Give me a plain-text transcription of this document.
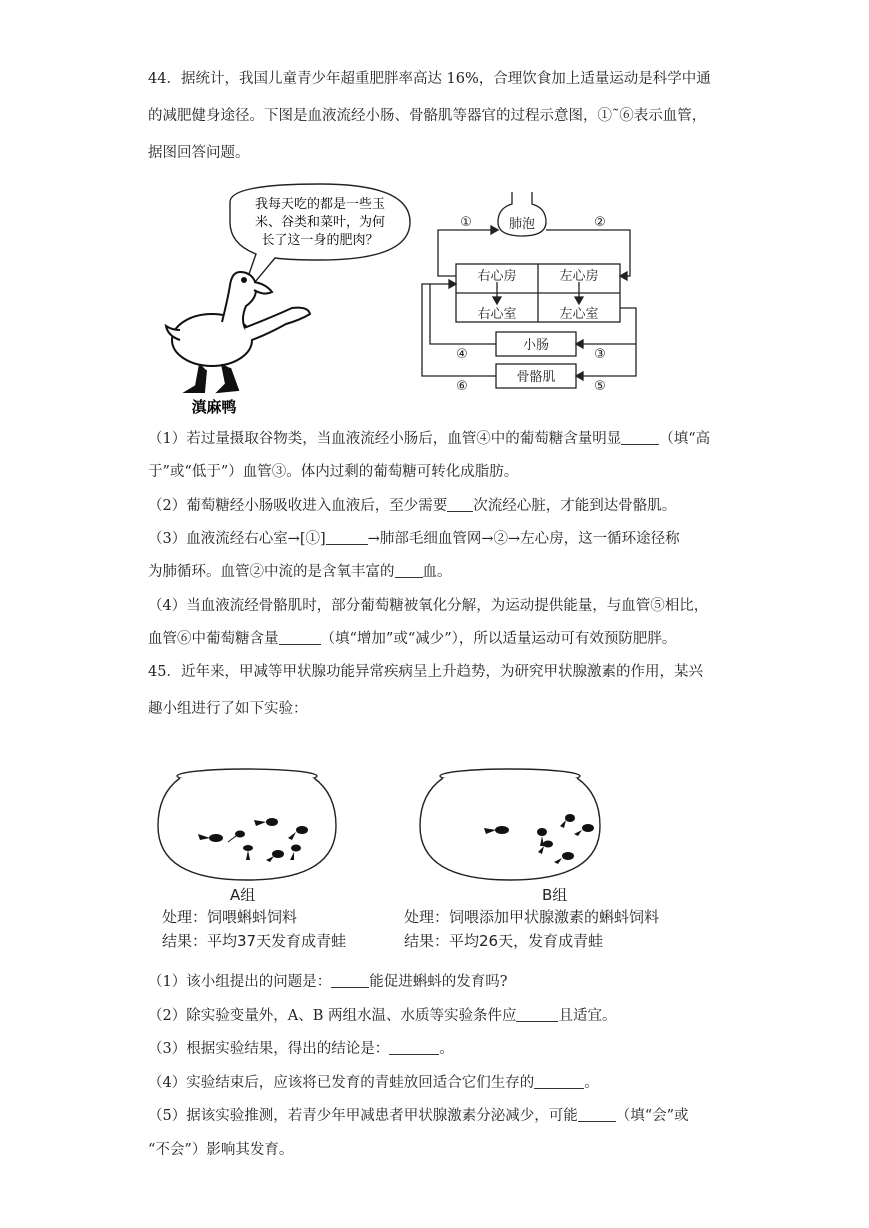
44．据统计，我国儿童青少年超重肥胖率高达 16%，合理饮食加上适量运动是科学中通

的减肥健身途径。下图是血液流经小肠、骨骼肌等器官的过程示意图，①˜⑥表示血管，

据图回答问题。

我每天吃的都是一些玉
米、谷类和菜叶，为何
长了这一身的肥肉？
滇麻鸭
肺泡
右心房	左心房
右心室	左心室
小肠
骨骼肌
①	②
③
④
⑤
⑥

（1）若过量摄取谷物类，当血液流经小肠后，血管④中的葡萄糖含量明显	（填“高

于”或“低于”）血管③。体内过剩的葡萄糖可转化成脂肪。

（2）葡萄糖经小肠吸收进入血液后，至少需要 次流经心脏，才能到达骨骼肌。

（3）血液流经右心室→[①]	→肺部毛细血管网→②→左心房，这一循环途径称

为肺循环。血管②中流的是含氧丰富的 血。

（4）当血液流经骨骼肌时，部分葡萄糖被氧化分解，为运动提供能量，与血管⑤相比，

血管⑥中葡萄糖含量	（填“增加”或“减少”），所以适量运动可有效预防肥胖。

45．近年来，甲减等甲状腺功能异常疾病呈上升趋势，为研究甲状腺激素的作用，某兴

趣小组进行了如下实验：

A组
处理：饲喂蝌蚪饲料
结果：平均37天发育成青蛙
B组
处理：饲喂添加甲状腺激素的蝌蚪饲料
结果：平均26天，发育成青蛙

（1）该小组提出的问题是：	能促进蝌蚪的发育吗?

（2）除实验变量外，A、B 两组水温、水质等实验条件应	且适宜。

（3）根据实验结果，得出的结论是：	。

（4）实验结束后，应该将已发育的青蛙放回适合它们生存的	。

（5）据该实验推测，若青少年甲减患者甲状腺激素分泌减少，可能	（填“会”或

“不会”）影响其发育。
